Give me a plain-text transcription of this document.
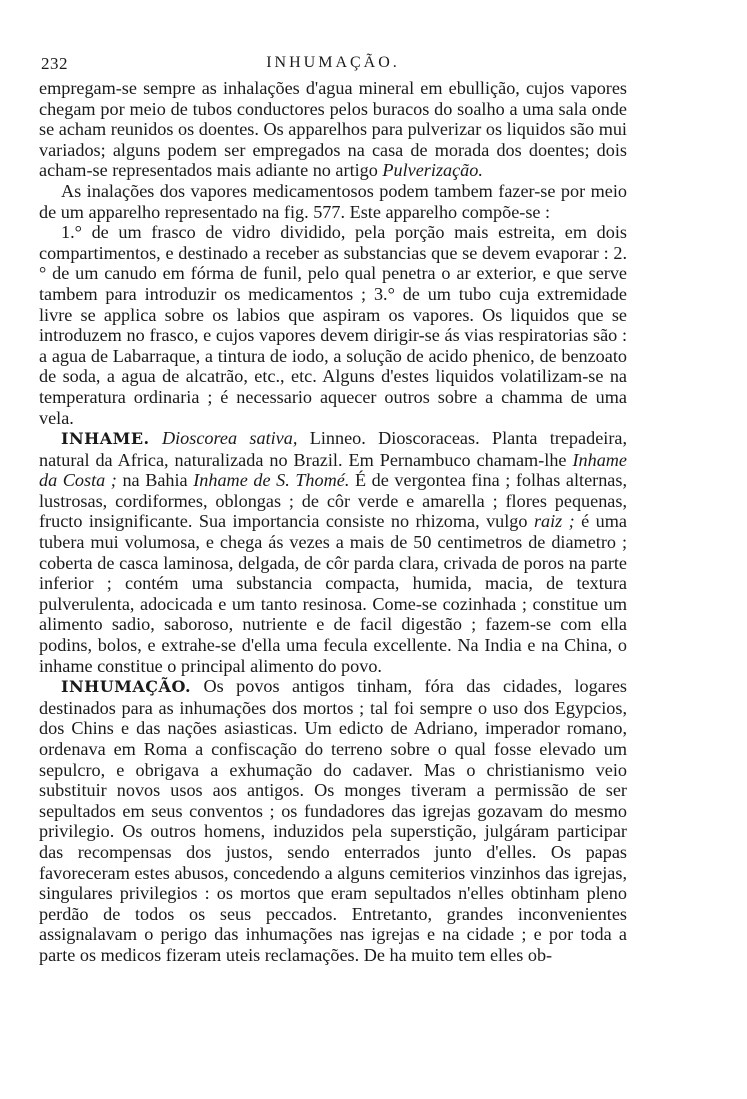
232	INHUMAÇÃO.

empregam-se sempre as inhalações d'agua mineral em ebullição, cujos vapores chegam por meio de tubos conductores pelos buracos do soalho a uma sala onde se acham reunidos os doentes. Os apparelhos para pulverizar os liquidos são mui variados; alguns podem ser empregados na casa de morada dos doentes; dois acham-se representados mais adiante no artigo Pulverização.

As inalações dos vapores medicamentosos podem tambem fazer-se por meio de um apparelho representado na fig. 577. Este apparelho compõe-se :

1.° de um frasco de vidro dividido, pela porção mais estreita, em dois compartimentos, e destinado a receber as substancias que se devem evaporar : 2.° de um canudo em fórma de funil, pelo qual penetra o ar exterior, e que serve tambem para introduzir os medicamentos ; 3.° de um tubo cuja extremidade livre se applica sobre os labios que aspiram os vapores. Os liquidos que se introduzem no frasco, e cujos vapores devem dirigir-se ás vias respiratorias são : a agua de Labarraque, a tintura de iodo, a solução de acido phenico, de benzoato de soda, a agua de alcatrão, etc., etc. Alguns d'estes liquidos volatilizam-se na temperatura ordinaria ; é necessario aquecer outros sobre a chamma de uma vela.

INHAME. Dioscorea sativa, Linneo. Dioscoraceas. Planta trepadeira, natural da Africa, naturalizada no Brazil. Em Pernambuco chamam-lhe Inhame da Costa ; na Bahia Inhame de S. Thomé. É de vergontea fina ; folhas alternas, lustrosas, cordiformes, oblongas ; de côr verde e amarella ; flores pequenas, fructo insignificante. Sua importancia consiste no rhizoma, vulgo raiz ; é uma tubera mui volumosa, e chega ás vezes a mais de 50 centimetros de diametro ; coberta de casca laminosa, delgada, de côr parda clara, crivada de poros na parte inferior ; contém uma substancia compacta, humida, macia, de textura pulverulenta, adocicada e um tanto resinosa. Come-se cozinhada ; constitue um alimento sadio, saboroso, nutriente e de facil digestão ; fazem-se com ella podins, bolos, e extrahe-se d'ella uma fecula excellente. Na India e na China, o inhame constitue o principal alimento do povo.

INHUMAÇÃO. Os povos antigos tinham, fóra das cidades, logares destinados para as inhumações dos mortos ; tal foi sempre o uso dos Egypcios, dos Chins e das nações asiasticas. Um edicto de Adriano, imperador romano, ordenava em Roma a confiscação do terreno sobre o qual fosse elevado um sepulcro, e obrigava a exhumação do cadaver. Mas o christianismo veio substituir novos usos aos antigos. Os monges tiveram a permissão de ser sepultados em seus conventos ; os fundadores das igrejas gozavam do mesmo privilegio. Os outros homens, induzidos pela superstição, julgáram participar das recompensas dos justos, sendo enterrados junto d'elles. Os papas favoreceram estes abusos, concedendo a alguns cemiterios vinzinhos das igrejas, singulares privilegios : os mortos que eram sepultados n'elles obtinham pleno perdão de todos os seus peccados. Entretanto, grandes inconvenientes assignalavam o perigo das inhumações nas igrejas e na cidade ; e por toda a parte os medicos fizeram uteis reclamações. De ha muito tem elles ob-
